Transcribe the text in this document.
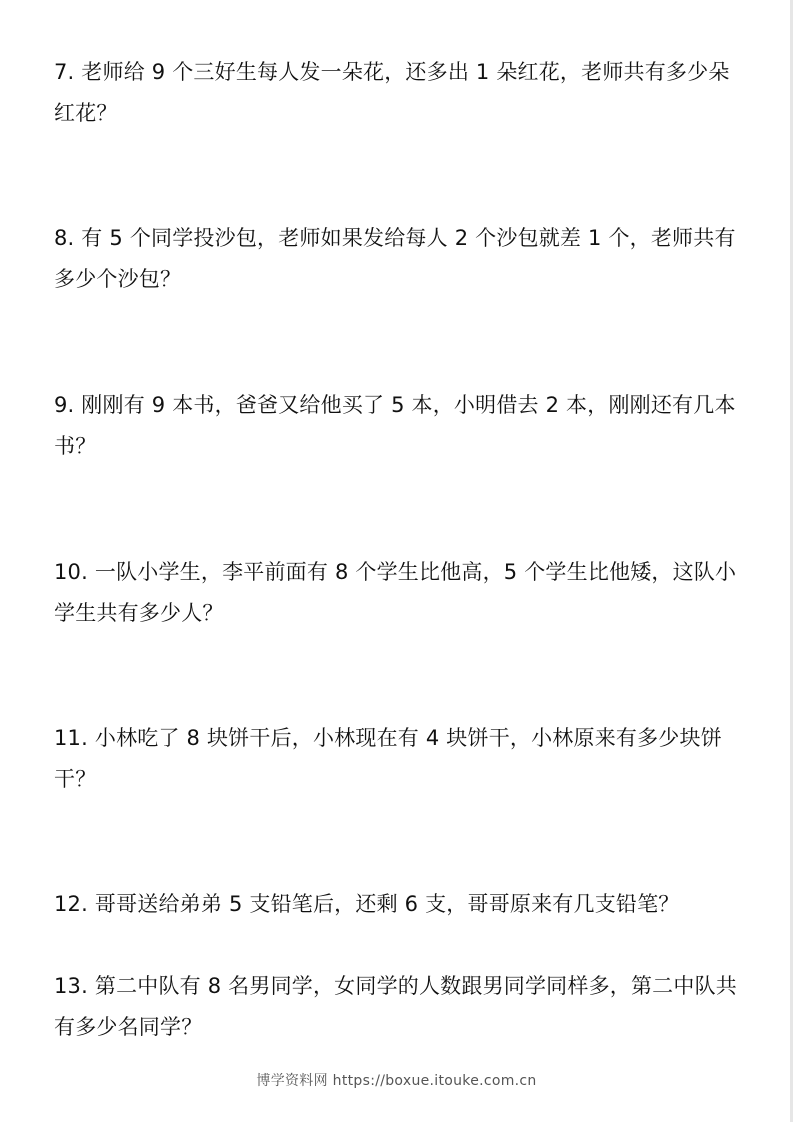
7. 老师给 9 个三好生每人发一朵花，还多出 1 朵红花，老师共有多少朵红花？

8. 有 5 个同学投沙包，老师如果发给每人 2 个沙包就差 1 个，老师共有多少个沙包？

9. 刚刚有 9 本书，爸爸又给他买了 5 本，小明借去 2 本，刚刚还有几本书？

10. 一队小学生，李平前面有 8 个学生比他高，5 个学生比他矮，这队小学生共有多少人？

11. 小林吃了 8 块饼干后，小林现在有 4 块饼干，小林原来有多少块饼干？

12. 哥哥送给弟弟 5 支铅笔后，还剩 6 支，哥哥原来有几支铅笔？

13. 第二中队有 8 名男同学，女同学的人数跟男同学同样多，第二中队共有多少名同学？

博学资料网 https://boxue.itouke.com.cn
